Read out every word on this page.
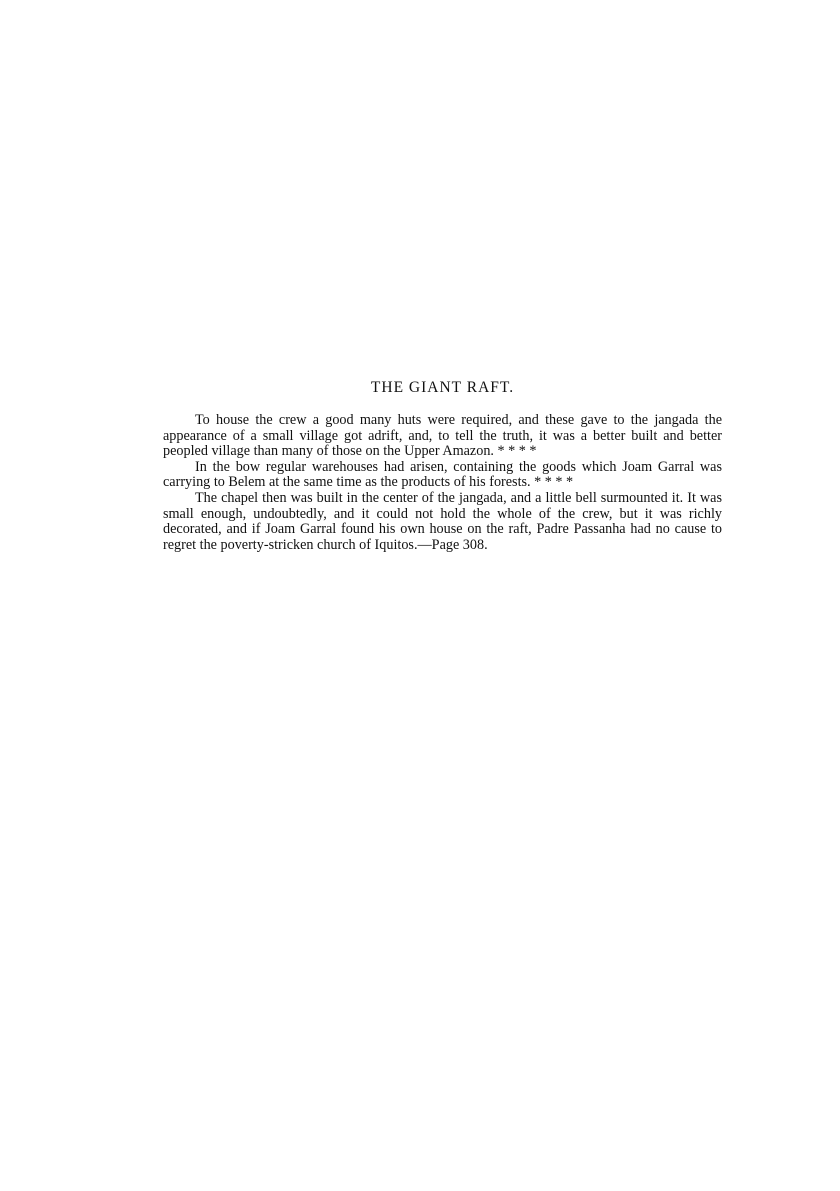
THE GIANT RAFT.

To house the crew a good many huts were required, and these gave to the jangada the appearance of a small village got adrift, and, to tell the truth, it was a better built and better peopled village than many of those on the Upper Amazon. * * * *

In the bow regular warehouses had arisen, containing the goods which Joam Garral was carrying to Belem at the same time as the products of his forests. * * * *

The chapel then was built in the center of the jangada, and a little bell surmounted it. It was small enough, undoubtedly, and it could not hold the whole of the crew, but it was richly decorated, and if Joam Garral found his own house on the raft, Padre Passanha had no cause to regret the poverty-stricken church of Iquitos.—Page 308.
